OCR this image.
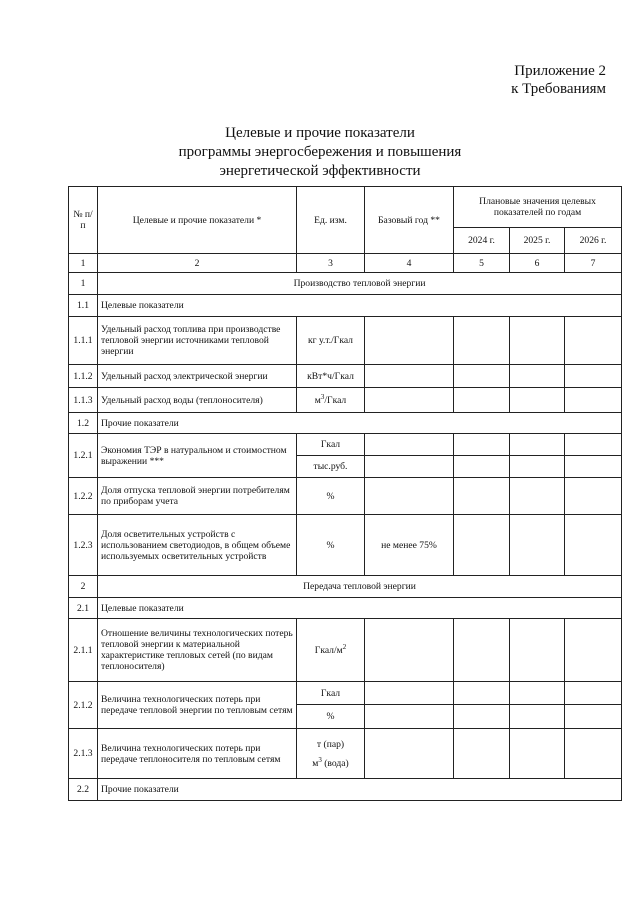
Приложение 2
к Требованиям
Целевые и прочие показатели
программы энергосбережения и повышения
энергетической эффективности
№ п/п	Целевые и прочие показатели *	Ед. изм.	Базовый год **	Плановые значения целевых показателей по годам		
				2024 г.	2025 г.	2026 г.
1	2	3	4	5	6	7
1	Производство тепловой энергии					
1.1	Целевые показатели					
1.1.1	Удельный расход топлива при производстве тепловой энергии источниками тепловой энергии	кг у.т./Гкал				
1.1.2	Удельный расход электрической энергии	кВт*ч/Гкал				
1.1.3	Удельный расход воды (теплоносителя)	$м^3$/Гкал				
1.2	Прочие показатели					
1.2.1	Экономия ТЭР в натуральном и стоимостном выражении ***	Гкал				
		тыс.руб.				
1.2.2	Доля отпуска тепловой энергии потребителям по приборам учета	%				
1.2.3	Доля осветительных устройств с использованием светодиодов, в общем объеме используемых осветительных устройств	%	не менее 75%			
2	Передача тепловой энергии					
2.1	Целевые показатели					
2.1.1	Отношение величины технологических потерь тепловой энергии к материальной характеристике тепловых сетей (по видам теплоносителя)	Гкал/$м^2$				
2.1.2	Величина технологических потерь при передаче тепловой энергии по тепловым сетям	Гкал				
		%				
2.1.3	Величина технологических потерь при передаче теплоносителя по тепловым сетям	т (пар)
$м^3$ (вода)				

2.2	Прочие показатели					
